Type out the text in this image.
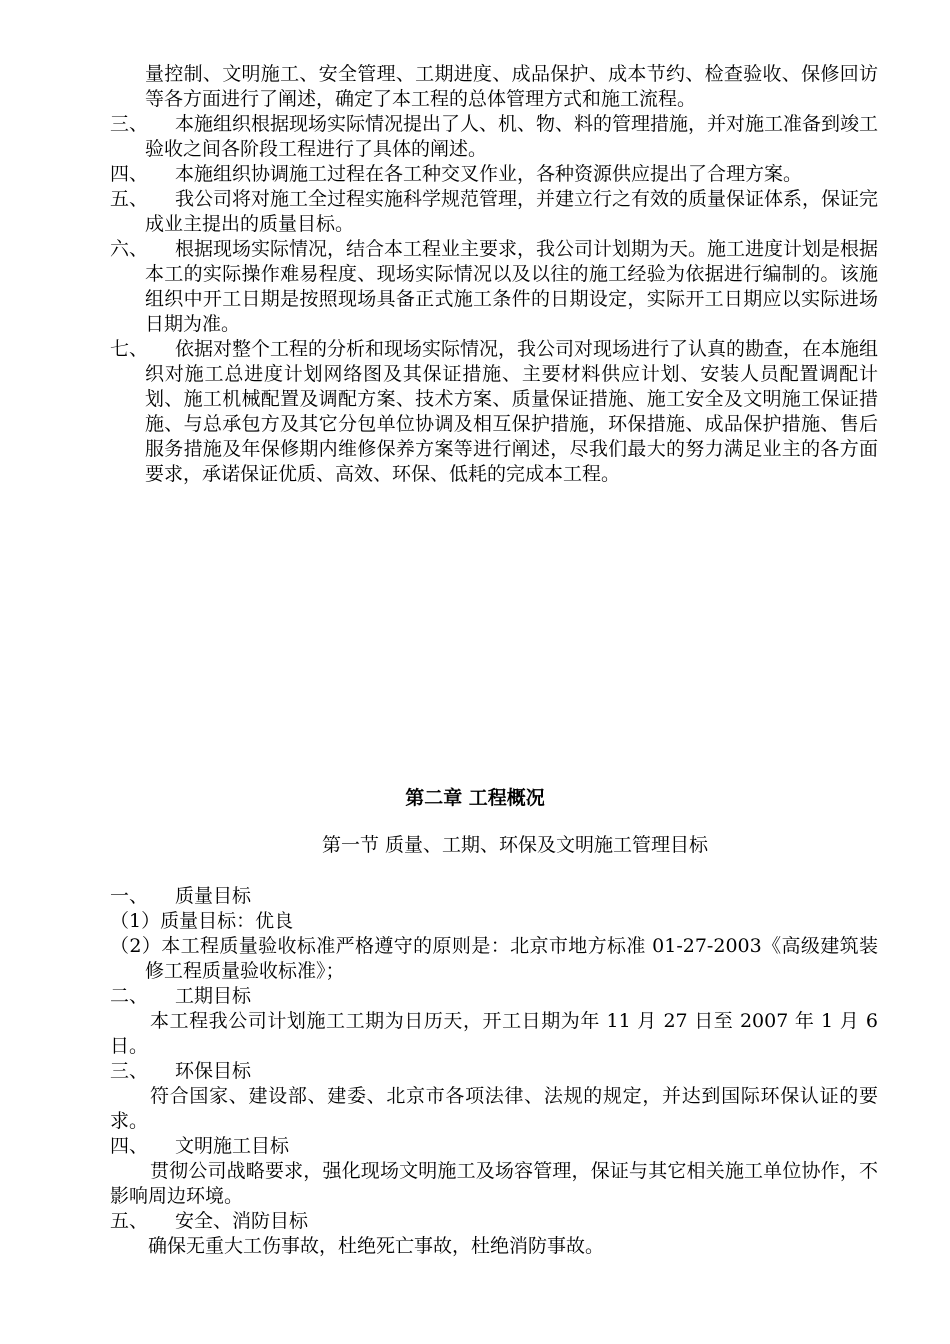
量控制、文明施工、安全管理、工期进度、成品保护、成本节约、检查验收、保修回访等各方面进行了阐述，确定了本工程的总体管理方式和施工流程。
三、	本施组织根据现场实际情况提出了人、机、物、料的管理措施，并对施工准备到竣工验收之间各阶段工程进行了具体的阐述。
四、	本施组织协调施工过程在各工种交叉作业，各种资源供应提出了合理方案。
五、	我公司将对施工全过程实施科学规范管理，并建立行之有效的质量保证体系，保证完成业主提出的质量目标。
六、	根据现场实际情况，结合本工程业主要求，我公司计划期为天。施工进度计划是根据本工的实际操作难易程度、现场实际情况以及以往的施工经验为依据进行编制的。该施组织中开工日期是按照现场具备正式施工条件的日期设定，实际开工日期应以实际进场日期为准。
七、	依据对整个工程的分析和现场实际情况，我公司对现场进行了认真的勘查，在本施组织对施工总进度计划网络图及其保证措施、主要材料供应计划、安装人员配置调配计划、施工机械配置及调配方案、技术方案、质量保证措施、施工安全及文明施工保证措施、与总承包方及其它分包单位协调及相互保护措施，环保措施、成品保护措施、售后服务措施及年保修期内维修保养方案等进行阐述，尽我们最大的努力满足业主的各方面要求，承诺保证优质、高效、环保、低耗的完成本工程。
第二章 工程概况
第一节 质量、工期、环保及文明施工管理目标
一、 质量目标
（1）质量目标：优良
（2）本工程质量验收标准严格遵守的原则是：北京市地方标准 01-27-2003《高级建筑装修工程质量验收标准》；
二、 工期目标
本工程我公司计划施工工期为日历天，开工日期为年 11 月 27 日至 2007 年 1 月 6 日。
三、 环保目标
符合国家、建设部、建委、北京市各项法律、法规的规定，并达到国际环保认证的要求。
四、 文明施工目标
贯彻公司战略要求，强化现场文明施工及场容管理，保证与其它相关施工单位协作，不影响周边环境。
五、 安全、消防目标
确保无重大工伤事故，杜绝死亡事故，杜绝消防事故。
